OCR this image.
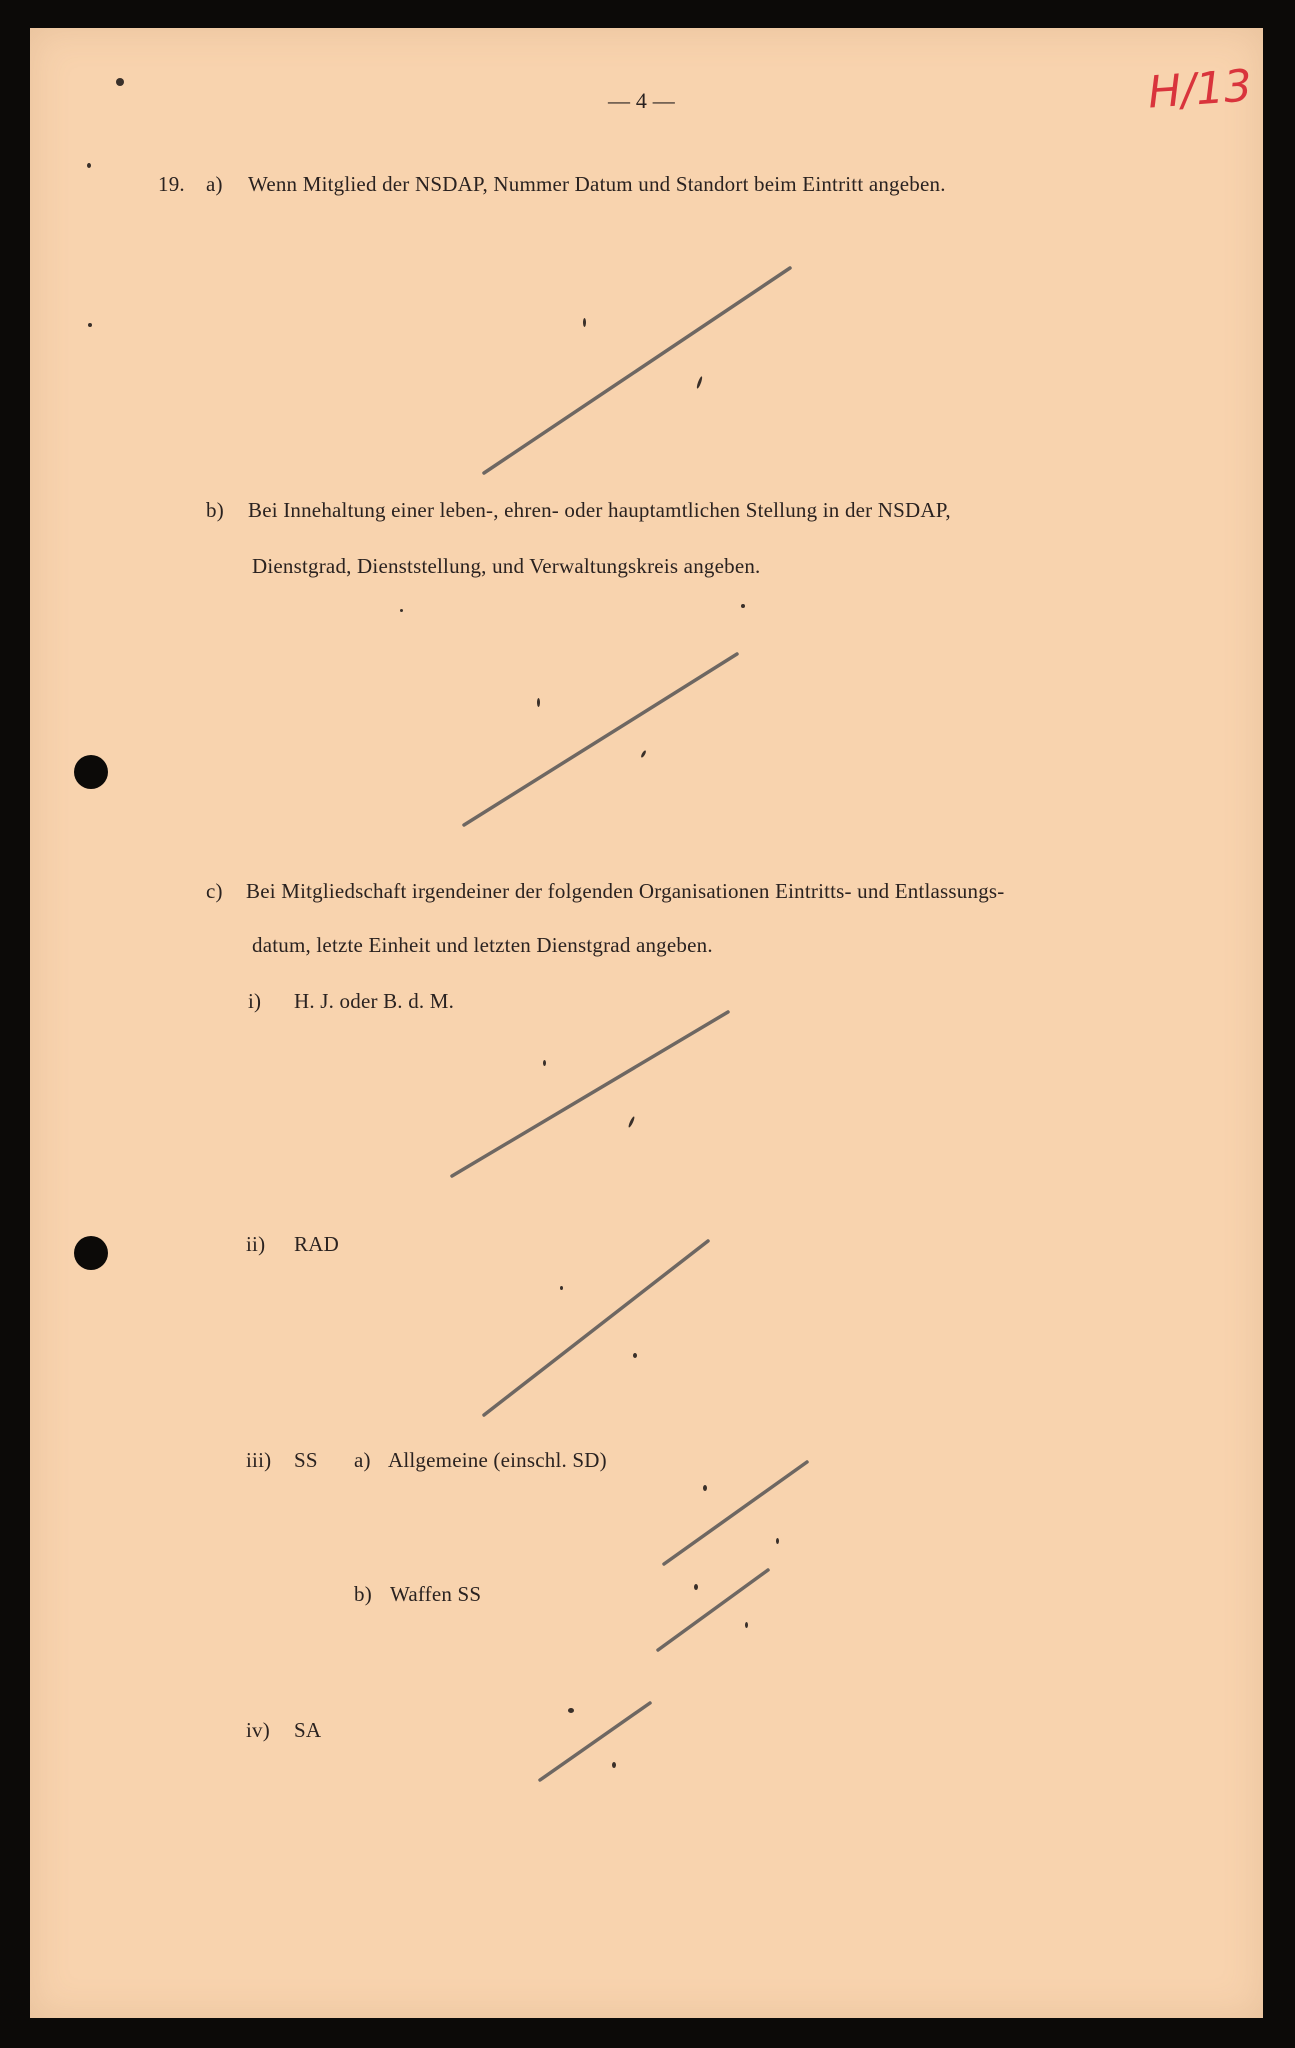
— 4 —	H/13
19. a) Wenn Mitglied der NSDAP, Nummer Datum und Standort beim Eintritt angeben.
b) Bei Innehaltung einer leben-, ehren- oder hauptamtlichen Stellung in der NSDAP,
Dienstgrad, Dienststellung, und Verwaltungskreis angeben.
c) Bei Mitgliedschaft irgendeiner der folgenden Organisationen Eintritts- und Entlassungs-
datum, letzte Einheit und letzten Dienstgrad angeben.
i) H. J. oder B. d. M.
ii) RAD
iii) SS a) Allgemeine (einschl. SD)
b) Waffen SS
iv) SA
